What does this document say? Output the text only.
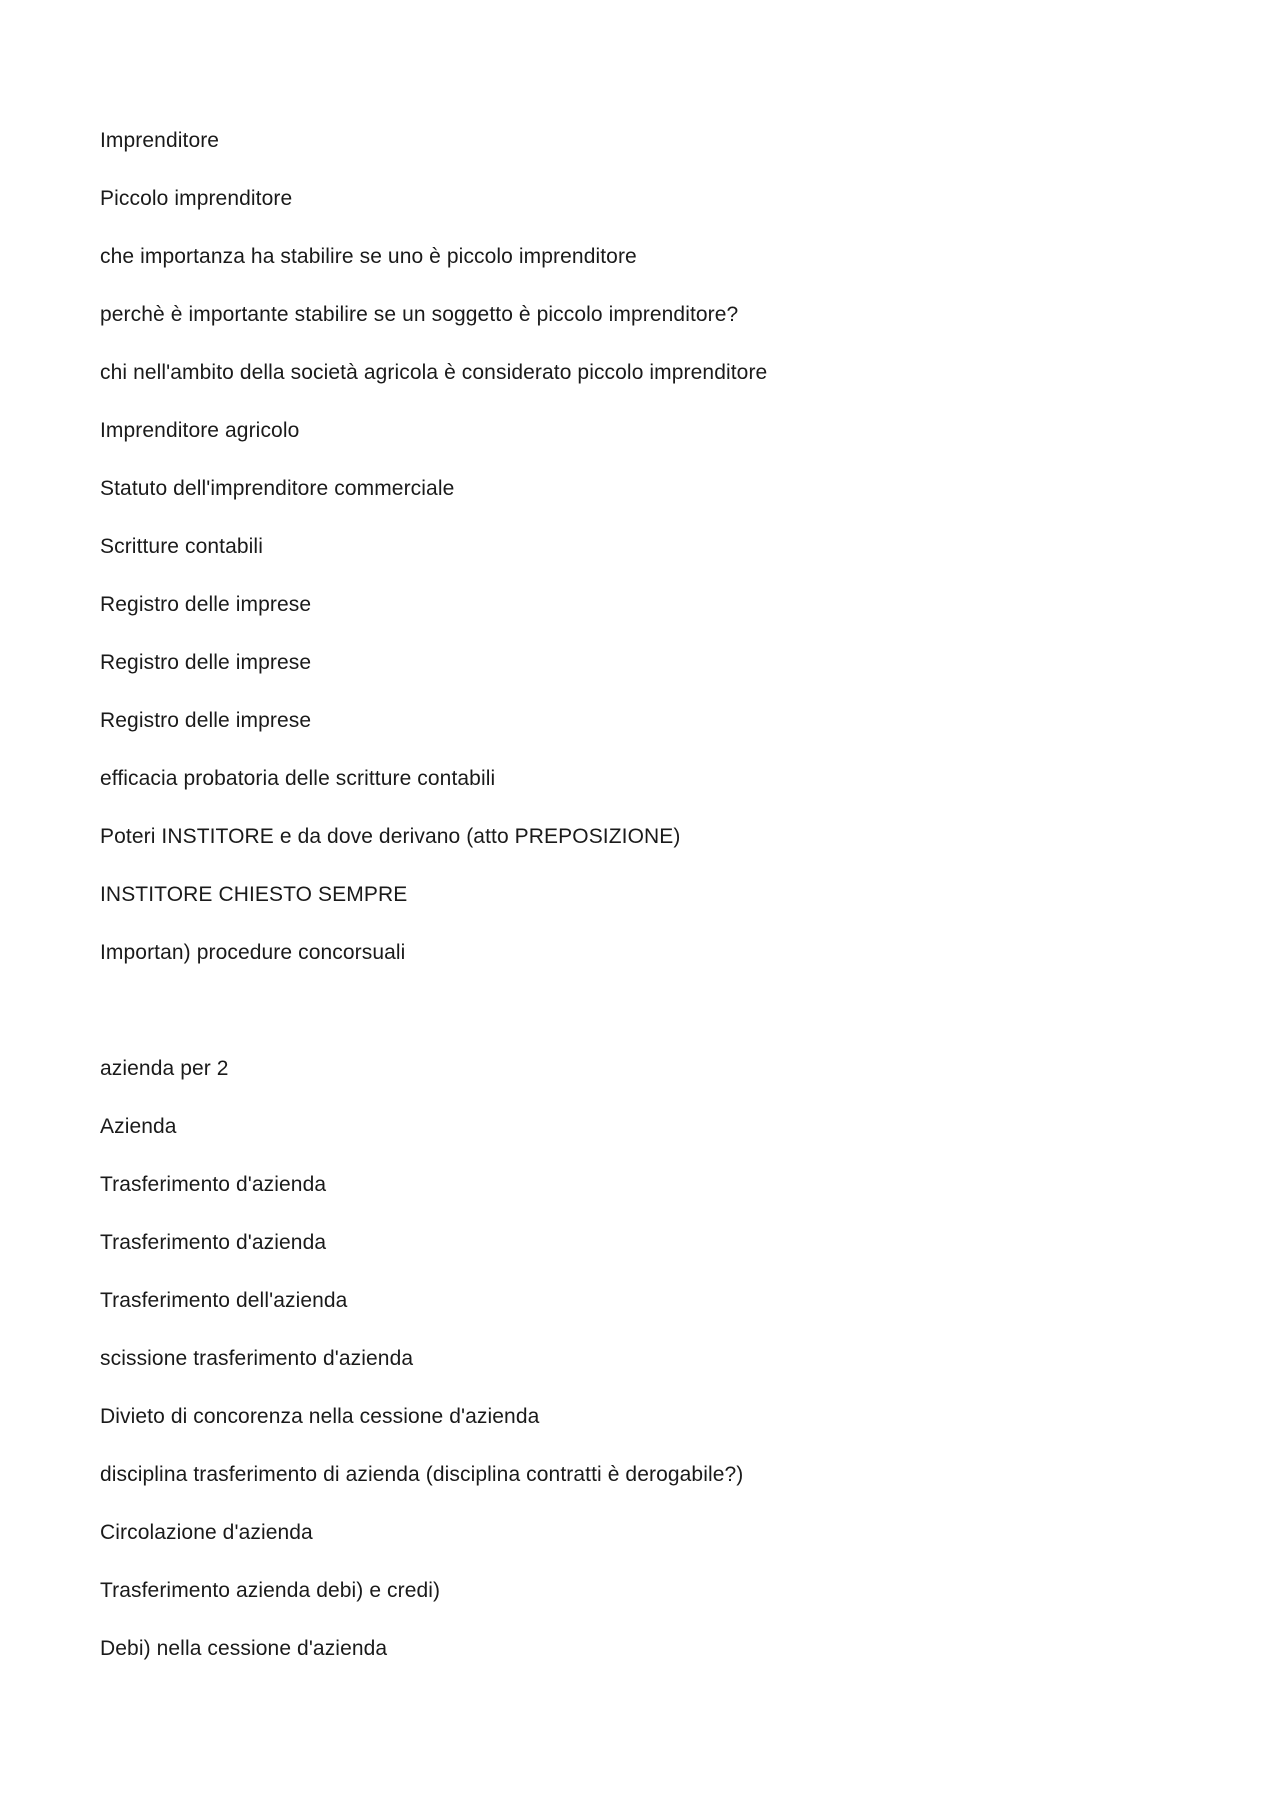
Imprenditore
Piccolo imprenditore
che importanza ha stabilire se uno è piccolo imprenditore
perchè è importante stabilire se un soggetto è piccolo imprenditore?
chi nell'ambito della società agricola è considerato piccolo imprenditore
Imprenditore agricolo
Statuto dell'imprenditore commerciale
Scritture contabili
Registro delle imprese
Registro delle imprese
Registro delle imprese
efficacia probatoria delle scritture contabili
Poteri INSTITORE e da dove derivano (atto PREPOSIZIONE)
INSTITORE CHIESTO SEMPRE
Importan) procedure concorsuali
azienda per 2
Azienda
Trasferimento d'azienda
Trasferimento d'azienda
Trasferimento dell'azienda
scissione trasferimento d'azienda
Divieto di concorenza nella cessione d'azienda
disciplina trasferimento di azienda (disciplina contratti è derogabile?)
Circolazione d'azienda
Trasferimento azienda debi) e credi)
Debi) nella cessione d'azienda
